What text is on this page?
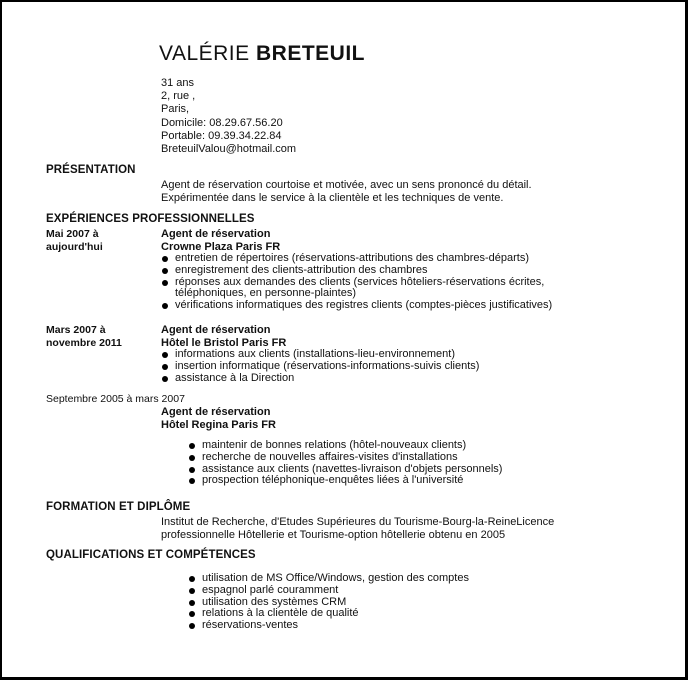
VALÉRIE BRETEUIL
31 ans
2, rue ,
Paris,
Domicile: 08.29.67.56.20
Portable: 09.39.34.22.84
BreteuilValou@hotmail.com
PRÉSENTATION
Agent de réservation courtoise et motivée, avec un sens prononcé du détail.
Expérimentée dans le service à la clientèle et les techniques de vente.
EXPÉRIENCES PROFESSIONNELLES
Mai 2007 à
aujourd'hui
Agent de réservation
Crowne Plaza Paris FR
entretien de répertoires (réservations-attributions des chambres-départs)
enregistrement des clients-attribution des chambres
réponses aux demandes des clients (services hôteliers-réservations écrites,
téléphoniques, en personne-plaintes)
vérifications informatiques des registres clients (comptes-pièces justificatives)
Mars 2007 à
novembre 2011
Agent de réservation
Hôtel le Bristol Paris FR
informations aux clients (installations-lieu-environnement)
insertion informatique (réservations-informations-suivis clients)
assistance à la Direction
Septembre 2005 à mars 2007
Agent de réservation
Hôtel Regina Paris FR
maintenir de bonnes relations (hôtel-nouveaux clients)
recherche de nouvelles affaires-visites d'installations
assistance aux clients (navettes-livraison d'objets personnels)
prospection téléphonique-enquêtes liées à l'université
FORMATION ET DIPLÔME
Institut de Recherche, d'Etudes Supérieures du Tourisme-Bourg-la-ReineLicence
professionnelle Hôtellerie et Tourisme-option hôtellerie obtenu en 2005
QUALIFICATIONS ET COMPÉTENCES
utilisation de MS Office/Windows, gestion des comptes
espagnol parlé couramment
utilisation des systèmes CRM
relations à la clientèle de qualité
réservations-ventes
